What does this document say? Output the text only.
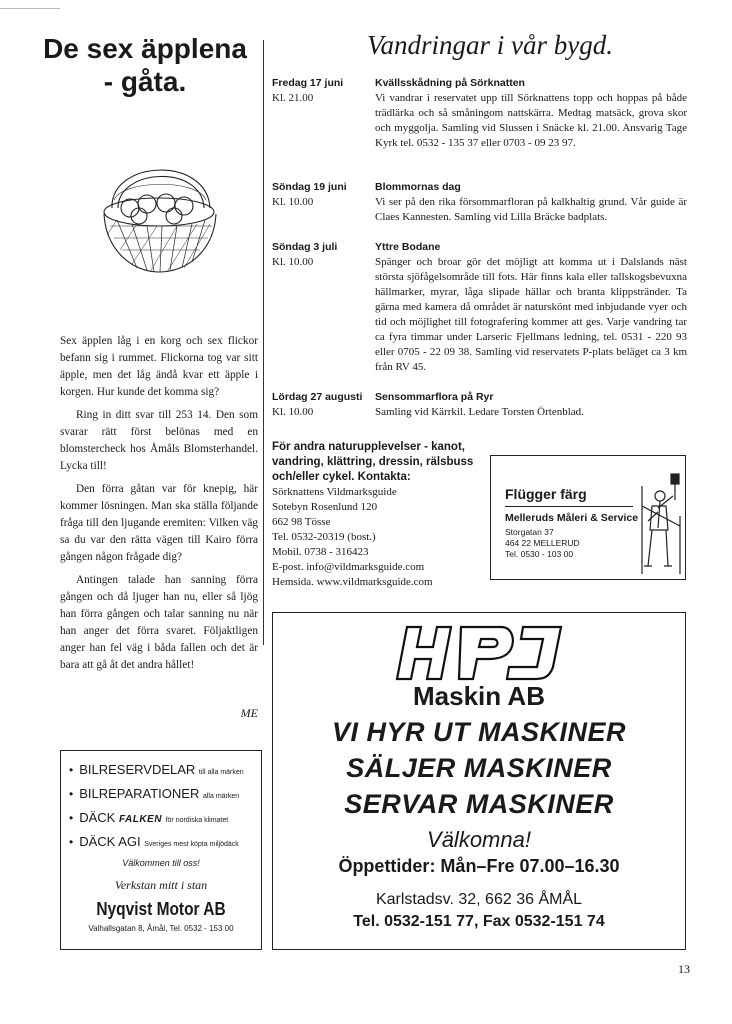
De sex äpplena
- gåta.

Sex äpplen låg i en korg och sex flickor befann sig i rummet. Flickorna tog var sitt äpple, men det låg ändå kvar ett äpple i korgen. Hur kunde det komma sig?

Ring in ditt svar till 253 14. Den som svarar rätt först belönas med en blomstercheck hos Åmåls Blomsterhandel. Lycka till!

Den förra gåtan var för knepig, här kommer lösningen. Man ska ställa följande fråga till den ljugande eremiten: Vilken väg sa du var den rätta vägen till Kairo förra gången någon frågade dig?

Antingen talade han sanning förra gången och då ljuger han nu, eller så ljög han förra gången och talar sanning nu när han anger det förra svaret. Följaktligen anger han fel väg i båda fallen och det är bara att gå åt det andra hållet!

ME
• BILRESERVDELAR till alla märken
• BILREPARATIONER alla märken
• DÄCK FALKEN för nordiska klimatet
• DÄCK AGI Sveriges mest köpta miljödäck
Välkommen till oss!
Verkstan mitt i stan
Nyqvist Motor AB
Valhallsgatan 8, Åmål, Tel. 0532 - 153 00
Vandringar i vår bygd.
Fredag 17 juni
Kl. 21.00
Kvällsskådning på Sörknatten
Vi vandrar i reservatet upp till Sörknattens topp och hoppas på både trädlärka och så småningom nattskärra. Medtag matsäck, grova skor och myggolja. Samling vid Slussen i Snäcke kl. 21.00. Ansvarig Tage Kyrk tel. 0532 - 135 37 eller 0703 - 09 23 97.
Söndag 19 juni
Kl. 10.00
Blommornas dag
Vi ser på den rika försommarfloran på kalkhaltig grund. Vår guide är Claes Kannesten. Samling vid Lilla Bräcke badplats.
Söndag 3 juli
Kl. 10.00
Yttre Bodane
Spänger och broar gör det möjligt att komma ut i Dalslands näst största sjöfågelsområde till fots. Här finns kala eller tallskogsbevuxna hällmarker, myrar, låga slipade hällar och branta klippstränder. Ta gärna med kamera då området är naturskönt med inbjudande vyer och tid och möjlighet till fotografering kommer att ges. Varje vandring tar ca fyra timmar under Larseric Fjellmans ledning, tel. 0531 - 220 93 eller 0705 - 22 09 38. Samling vid reservatets P-plats beläget ca 3 km från RV 45.
Lördag 27 augusti
Kl. 10.00
Sensommarflora på Ryr
Samling vid Kärrkil. Ledare Torsten Örtenblad.
För andra naturupplevelser - kanot, vandring, klättring, dressin, rälsbuss och/eller cykel. Kontakta:
Sörknattens Vildmarksguide
Sotebyn Rosenlund 120
662 98 Tösse
Tel. 0532-20319 (bost.)
Mobil. 0738 - 316423
E-post. info@vildmarksguide.com
Hemsida. www.vildmarksguide.com
Flügger färg
Melleruds Måleri & Service
Storgatan 37
464 22 MELLERUD
Tel. 0530 - 103 00
Maskin AB
VI HYR UT MASKINER
SÄLJER MASKINER
SERVAR MASKINER
Välkomna!
Öppettider: Mån–Fre 07.00–16.30
Karlstadsv. 32, 662 36 ÅMÅL
Tel. 0532-151 77, Fax 0532-151 74
13
